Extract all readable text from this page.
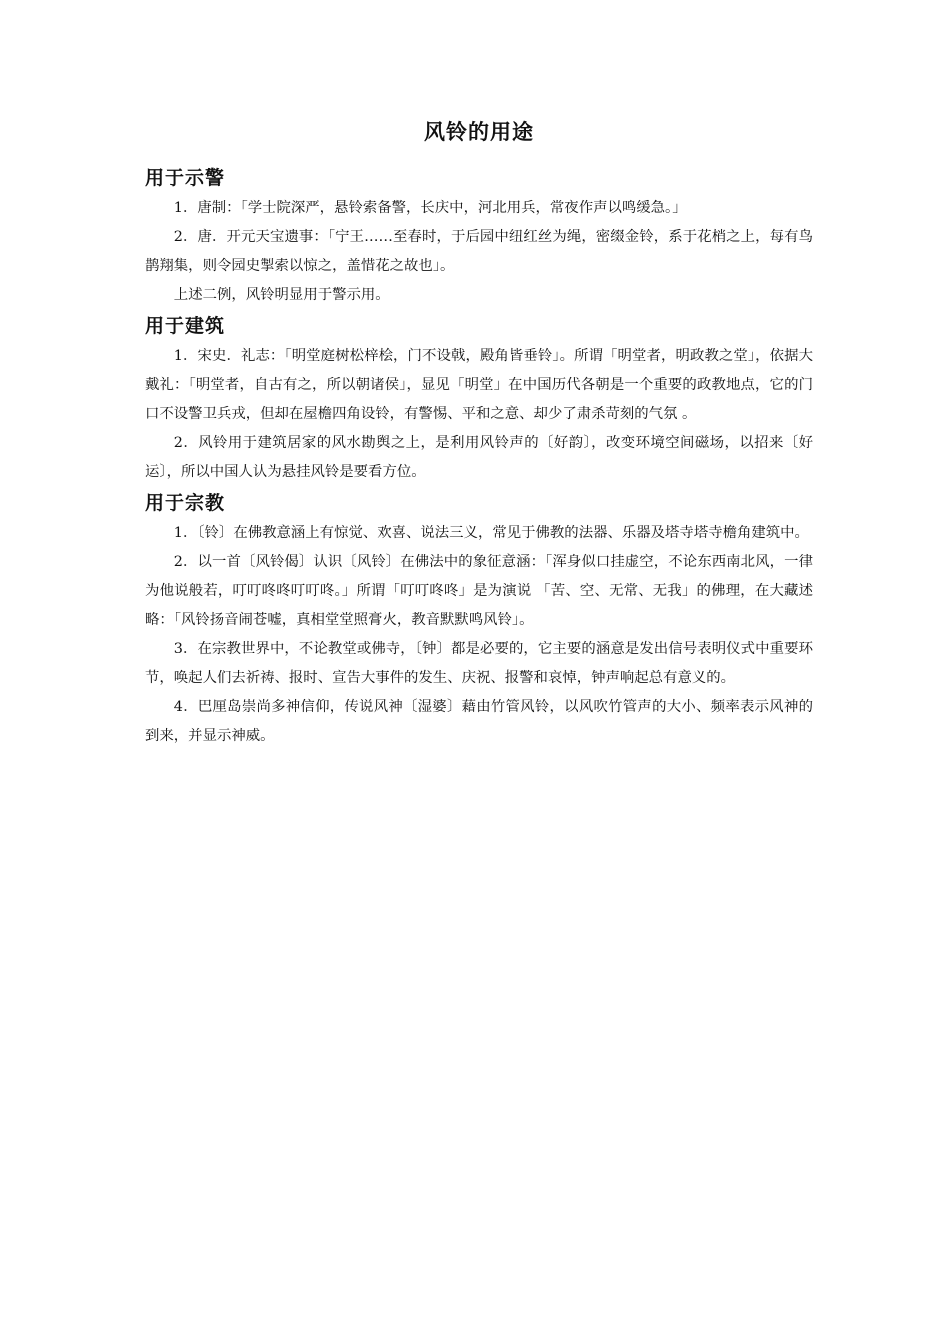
风铃的用途
用于示警

1．唐制：「学士院深严，悬铃索备警，长庆中，河北用兵，常夜作声以鸣缓急。」

2．唐．开元天宝遗事：「宁王……至春时，于后园中纽红丝为绳，密缀金铃，系于花梢之上，每有鸟鹊翔集，则令园史掣索以惊之，盖惜花之故也」。

上述二例，风铃明显用于警示用。

用于建筑

1．宋史．礼志：「明堂庭树松梓桧，门不设戟，殿角皆垂铃」。所谓「明堂者，明政教之堂」，依据大戴礼：「明堂者，自古有之，所以朝诸侯」，显见「明堂」在中国历代各朝是一个重要的政教地点，它的门口不设警卫兵戎，但却在屋檐四角设铃，有警惕、平和之意、却少了肃杀苛刻的气氛 。

2．风铃用于建筑居家的风水勘舆之上，是利用风铃声的〔好韵〕，改变环境空间磁场，以招来〔好运〕，所以中国人认为悬挂风铃是要看方位。

用于宗教

1．〔铃〕在佛教意涵上有惊觉、欢喜、说法三义，常见于佛教的法器、乐器及塔寺塔寺檐角建筑中。

2．以一首〔风铃偈〕认识〔风铃〕在佛法中的象征意涵：「浑身似口挂虚空，不论东西南北风，一律为他说般若，叮叮咚咚叮叮咚。」所谓「叮叮咚咚」是为演说 「苦、空、无常、无我」的佛理，在大藏述略：「风铃扬音闹苍嘘，真相堂堂照膏火，教音默默鸣风铃」。

3．在宗教世界中，不论教堂或佛寺，〔钟〕都是必要的，它主要的涵意是发出信号表明仪式中重要环节，唤起人们去祈祷、报时、宣告大事件的发生、庆祝、报警和哀悼，钟声响起总有意义的。

4．巴厘岛崇尚多神信仰，传说风神〔湿婆〕藉由竹管风铃，以风吹竹管声的大小、频率表示风神的到来，并显示神威。
